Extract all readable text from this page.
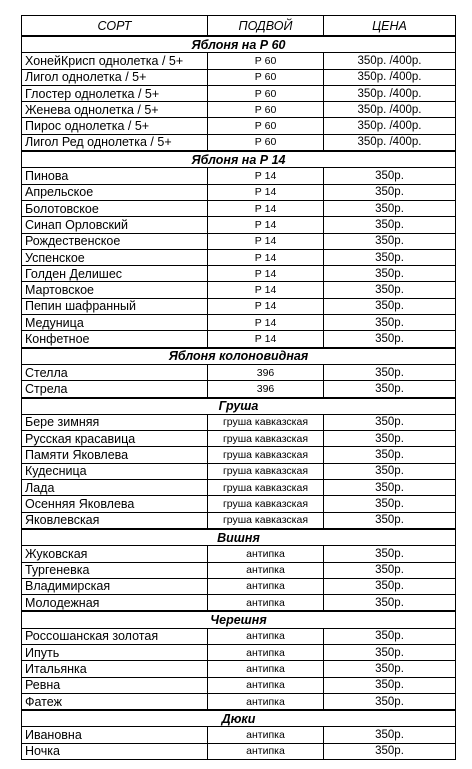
СОРТ	ПОДВОЙ	ЦЕНА
Яблоня на Р 60		
ХонейКрисп однолетка / 5+	Р 60	350р. /400р.
Лигол однолетка / 5+	Р 60	350р. /400р.
Глостер однолетка / 5+	Р 60	350р. /400р.
Женева однолетка / 5+	Р 60	350р. /400р.
Пирос однолетка / 5+	Р 60	350р. /400р.
Лигол Ред однолетка / 5+	Р 60	350р. /400р.
Яблоня на Р 14		
Пинова	Р 14	350р.
Апрельское	Р 14	350р.
Болотовское	Р 14	350р.
Синап Орловский	Р 14	350р.
Рождественское	Р 14	350р.
Успенское	Р 14	350р.
Голден Делишес	Р 14	350р.
Мартовское	Р 14	350р.
Пепин шафранный	Р 14	350р.
Медуница	Р 14	350р.
Конфетное	Р 14	350р.
Яблоня колоновидная		
Стелла	396	350р.
Стрела	396	350р.
Груша		
Бере зимняя	груша кавказская	350р.
Русская красавица	груша кавказская	350р.
Памяти Яковлева	груша кавказская	350р.
Кудесница	груша кавказская	350р.
Лада	груша кавказская	350р.
Осенняя Яковлева	груша кавказская	350р.
Яковлевская	груша кавказская	350р.
Вишня		
Жуковская	антипка	350р.
Тургеневка	антипка	350р.
Владимирская	антипка	350р.
Молодежная	антипка	350р.
Черешня		
Россошанская золотая	антипка	350р.
Ипуть	антипка	350р.
Итальянка	антипка	350р.
Ревна	антипка	350р.
Фатеж	антипка	350р.
Дюки		
Ивановна	антипка	350р.
Ночка	антипка	350р.
